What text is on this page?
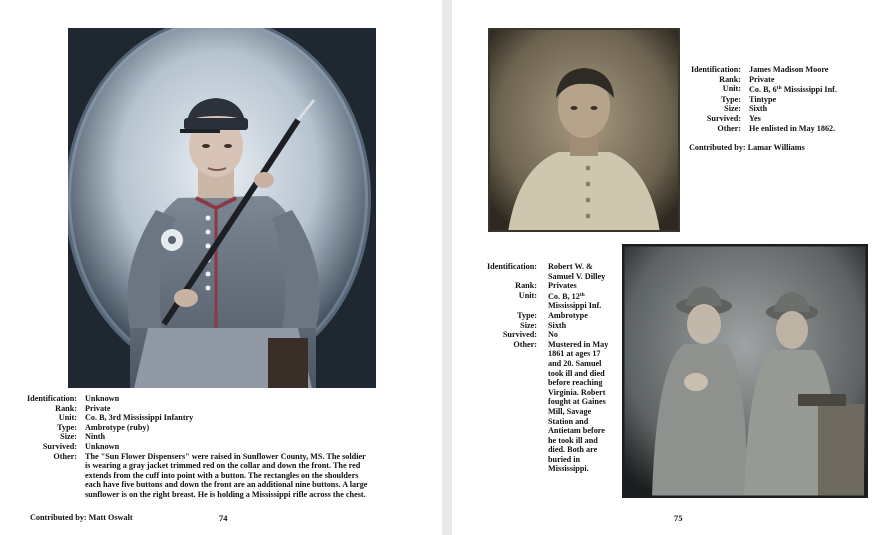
Identification: Unknown
Rank: Private
Unit: Co. B, 3rd Mississippi Infantry
Type: Ambrotype (ruby)
Size: Ninth
Survived: Unknown
Other: The "Sun Flower Dispensers" were raised in Sunflower County, MS. The soldier
is wearing a gray jacket trimmed red on the collar and down the front. The red
extends from the cuff into point with a button. The rectangles on the shoulders
each have five buttons and down the front are an additional nine buttons. A large
sunflower is on the right breast. He is holding a Mississippi rifle across the chest.
Contributed by: Matt Oswalt	74
Identification: James Madison Moore
Rank: Private
Unit: Co. B, 6th Mississippi Inf.
Type: Tintype
Size: Sixth
Survived: Yes
Other: He enlisted in May 1862.
Contributed by: Lamar Williams
Identification: Robert W. &
Samuel V. Dilley
Rank:	Privates
Unit: Co. B, 12th
Mississippi Inf.
Type:	Ambrotype
Size:	Sixth
Survived:	No
Other: Mustered in May
1861 at ages 17
and 20. Samuel
took ill and died
before reaching
Virginia. Robert
fought at Gaines
Mill, Savage
Station and
Antietam before
he took ill and
died. Both are
buried in
Mississippi.
75
